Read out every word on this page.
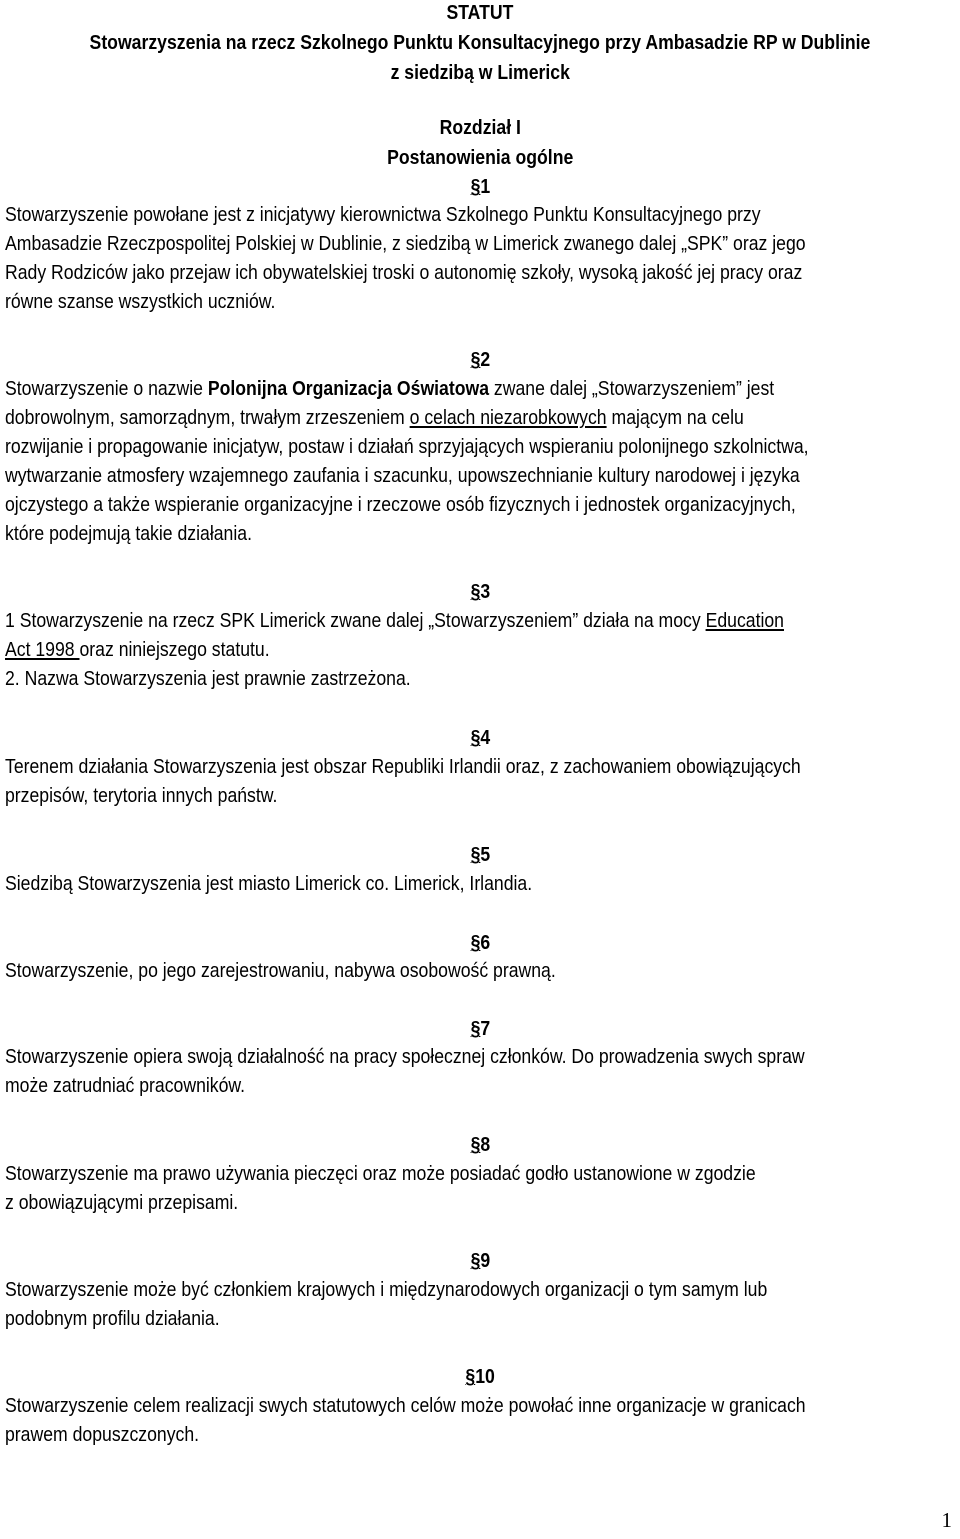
STATUT
Stowarzyszenia na rzecz Szkolnego Punktu Konsultacyjnego przy Ambasadzie RP w Dublinie
z siedzibą w Limerick
Rozdział I
Postanowienia ogólne
§1
Stowarzyszenie powołane jest z inicjatywy kierownictwa Szkolnego Punktu Konsultacyjnego przy
Ambasadzie Rzeczpospolitej Polskiej w Dublinie, z siedzibą w Limerick zwanego dalej „SPK” oraz jego
Rady Rodziców jako przejaw ich obywatelskiej troski o autonomię szkoły, wysoką jakość jej pracy oraz
równe szanse wszystkich uczniów.
§2
Stowarzyszenie o nazwie Polonijna Organizacja Oświatowa zwane dalej „Stowarzyszeniem” jest
dobrowolnym, samorządnym, trwałym zrzeszeniem o celach niezarobkowych mającym na celu
rozwijanie i propagowanie inicjatyw, postaw i działań sprzyjających wspieraniu polonijnego szkolnictwa,
wytwarzanie atmosfery wzajemnego zaufania i szacunku, upowszechnianie kultury narodowej i języka
ojczystego a także wspieranie organizacyjne i rzeczowe osób fizycznych i jednostek organizacyjnych,
które podejmują takie działania.
§3
1 Stowarzyszenie na rzecz SPK Limerick zwane dalej „Stowarzyszeniem” działa na mocy Education
Act 1998 oraz niniejszego statutu.
2. Nazwa Stowarzyszenia jest prawnie zastrzeżona.
§4
Terenem działania Stowarzyszenia jest obszar Republiki Irlandii oraz, z zachowaniem obowiązujących
przepisów, terytoria innych państw.
§5
Siedzibą Stowarzyszenia jest miasto Limerick co. Limerick, Irlandia.
§6
Stowarzyszenie, po jego zarejestrowaniu, nabywa osobowość prawną.
§7
Stowarzyszenie opiera swoją działalność na pracy społecznej członków. Do prowadzenia swych spraw
może zatrudniać pracowników.
§8
Stowarzyszenie ma prawo używania pieczęci oraz może posiadać godło ustanowione w zgodzie
z obowiązującymi przepisami.
§9
Stowarzyszenie może być członkiem krajowych i międzynarodowych organizacji o tym samym lub
podobnym profilu działania.
§10
Stowarzyszenie celem realizacji swych statutowych celów może powołać inne organizacje w granicach
prawem dopuszczonych.
1
